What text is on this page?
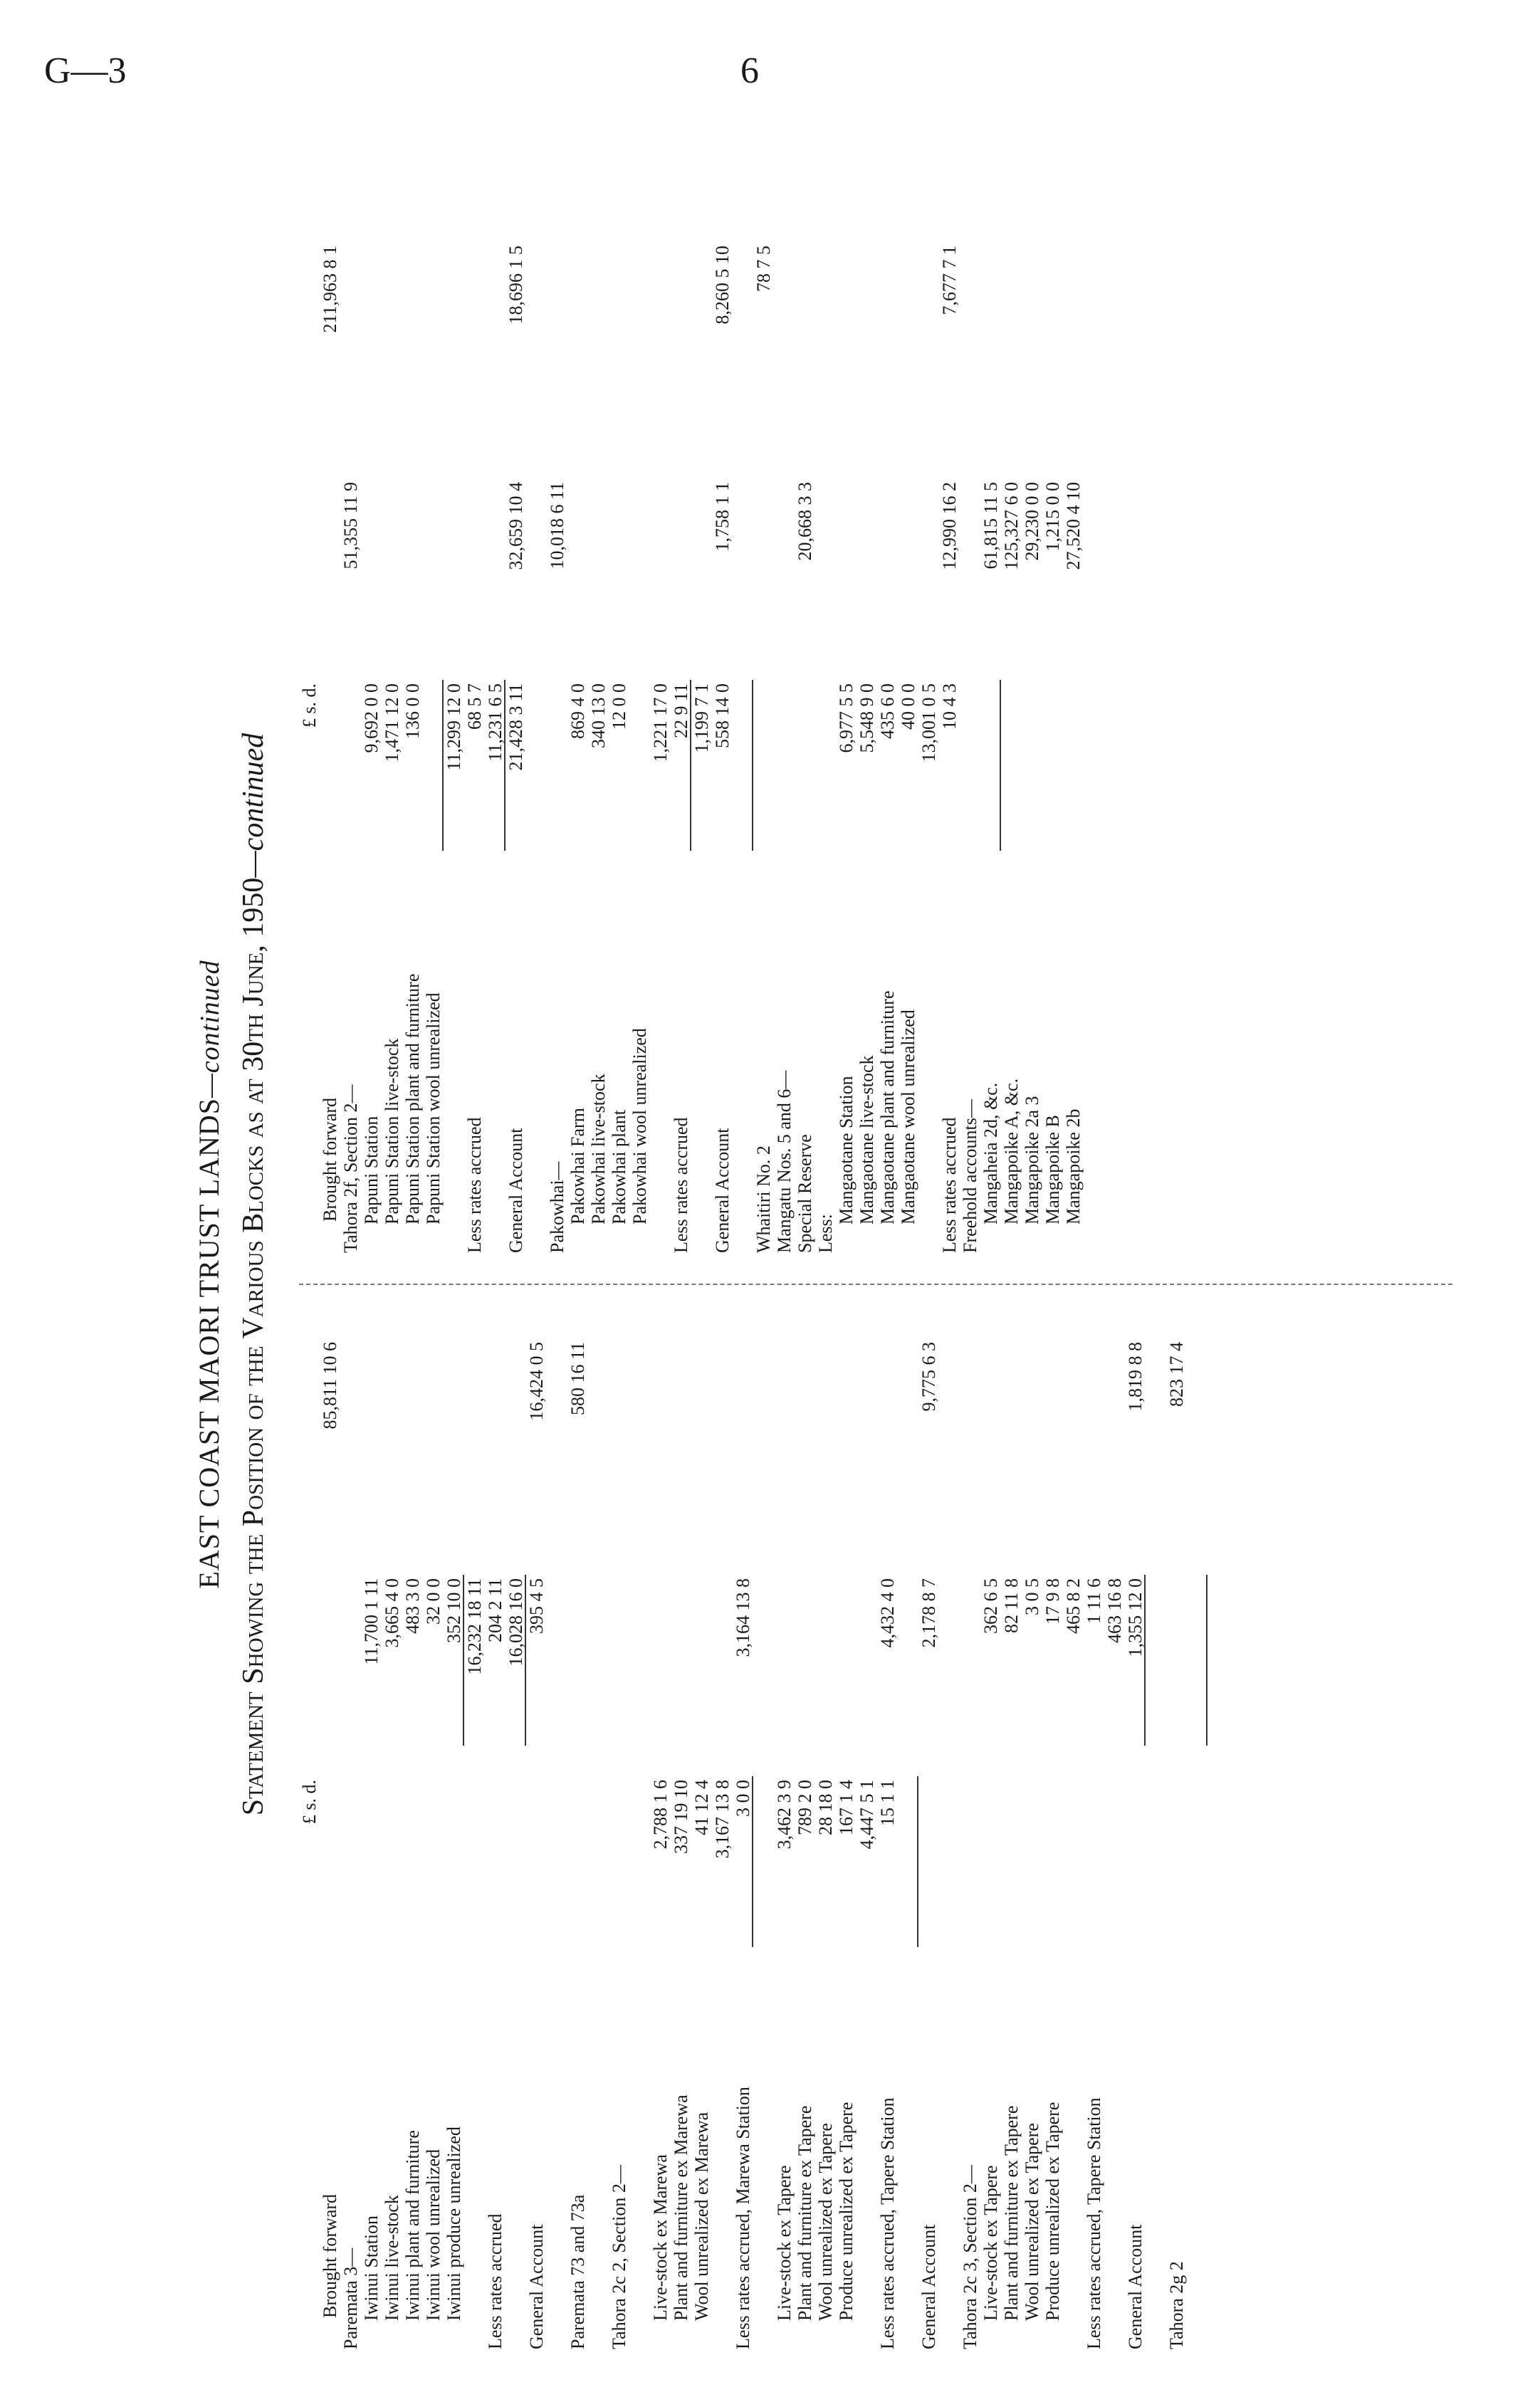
G—3	6
EAST COAST MAORI TRUST LANDS—continued Statement Showing the Position of the Various Blocks as at 30th June, 1950—continued
£ s. d.
Brought forward
85,811 10 6
Paremata 3— Iwinui Station
11,700 1 11
Iwinui live-stock
3,665 4 0
Iwinui plant and furniture
483 3 0
Iwinui wool unrealized
32 0 0
Iwinui produce unrealized
352 10 0 16,232 18 11
Less rates accrued
204 2 11 16,028 16 0
General Account
395 4 5
16,424 0 5
Paremata 73 and 73a
580 16 11
Tahora 2c 2, Section 2— Live-stock ex Marewa
2,788 1 6
Plant and furniture ex Marewa
337 19 10
Wool unrealized ex Marewa
41 12 4 3,167 13 8
Less rates accrued, Marewa Station
3 0 0
3,164 13 8
Live-stock ex Tapere
3,462 3 9
Plant and furniture ex Tapere
789 2 0
Wool unrealized ex Tapere
28 18 0
Produce unrealized ex Tapere
167 1 4 4,447 5 1
Less rates accrued, Tapere Station
15 1 1
4,432 4 0
General Account
2,178 8 7
9,775 6 3
Tahora 2c 3, Section 2— Live-stock ex Tapere
362 6 5
Plant and furniture ex Tapere
82 11 8
Wool unrealized ex Tapere
3 0 5
Produce unrealized ex Tapere
17 9 8 465 8 2
Less rates accrued, Tapere Station
1 11 6 463 16 8
General Account
1,355 12 0
1,819 8 8
Tahora 2g 2
823 17 4
£ s. d.
Brought forward
211,963 8 1
Tahora 2f, Section 2—
51,355 11 9
Papuni Station
9,692 0 0
Papuni Station live-stock
1,471 12 0
Papuni Station plant and furniture
136 0 0
Papuni Station wool unrealized
11,299 12 0
Less rates accrued
68 5 7 11,231 6 5
General Account
21,428 3 11
32,659 10 4
18,696 1 5
Pakowhai—
10,018 6 11
Pakowhai Farm
869 4 0
Pakowhai live-stock
340 13 0
Pakowhai plant
12 0 0
Pakowhai wool unrealized
1,221 17 0
Less rates accrued
22 9 11 1,199 7 1
General Account
558 14 0
1,758 1 1
8,260 5 10
Whaitiri No. 2
78 7 5
Mangatu Nos. 5 and 6— Special Reserve
20,668 3 3
Less:
Mangaotane Station
6,977 5 5
Mangaotane live-stock
5,548 9 0
Mangaotane plant and furniture
435 6 0
Mangaotane wool unrealized
40 0 0 13,001 0 5
Less rates accrued
10 4 3
12,990 16 2
7,677 7 1
Freehold accounts— Mangaheia 2d, &c.
61,815 11 5
Mangapoike A, &c.
125,327 6 0
Mangapoike 2a 3
29,230 0 0
Mangapoike B
1,215 0 0
Mangapoike 2b
27,520 4 10
